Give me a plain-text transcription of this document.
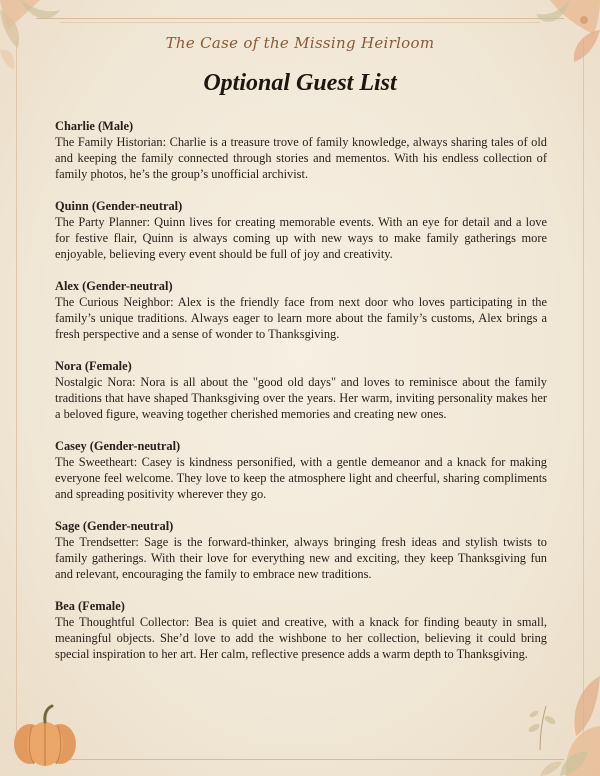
The Case of the Missing Heirloom
Optional Guest List
Charlie (Male)
The Family Historian: Charlie is a treasure trove of family knowledge, always sharing tales of old and keeping the family connected through stories and mementos. With his endless collection of family photos, he’s the group’s unofficial archivist.
Quinn (Gender-neutral)
The Party Planner: Quinn lives for creating memorable events. With an eye for detail and a love for festive flair, Quinn is always coming up with new ways to make family gatherings more enjoyable, believing every event should be full of joy and creativity.
Alex (Gender-neutral)
The Curious Neighbor: Alex is the friendly face from next door who loves participating in the family’s unique traditions. Always eager to learn more about the family’s customs, Alex brings a fresh perspective and a sense of wonder to Thanksgiving.
Nora (Female)
Nostalgic Nora: Nora is all about the "good old days" and loves to reminisce about the family traditions that have shaped Thanksgiving over the years. Her warm, inviting personality makes her a beloved figure, weaving together cherished memories and creating new ones.
Casey (Gender-neutral)
The Sweetheart: Casey is kindness personified, with a gentle demeanor and a knack for making everyone feel welcome. They love to keep the atmosphere light and cheerful, sharing compliments and spreading positivity wherever they go.
Sage (Gender-neutral)
The Trendsetter: Sage is the forward-thinker, always bringing fresh ideas and stylish twists to family gatherings. With their love for everything new and exciting, they keep Thanksgiving fun and relevant, encouraging the family to embrace new traditions.
Bea (Female)
The Thoughtful Collector: Bea is quiet and creative, with a knack for finding beauty in small, meaningful objects. She’d love to add the wishbone to her collection, believing it could bring special inspiration to her art. Her calm, reflective presence adds a warm depth to Thanksgiving.
